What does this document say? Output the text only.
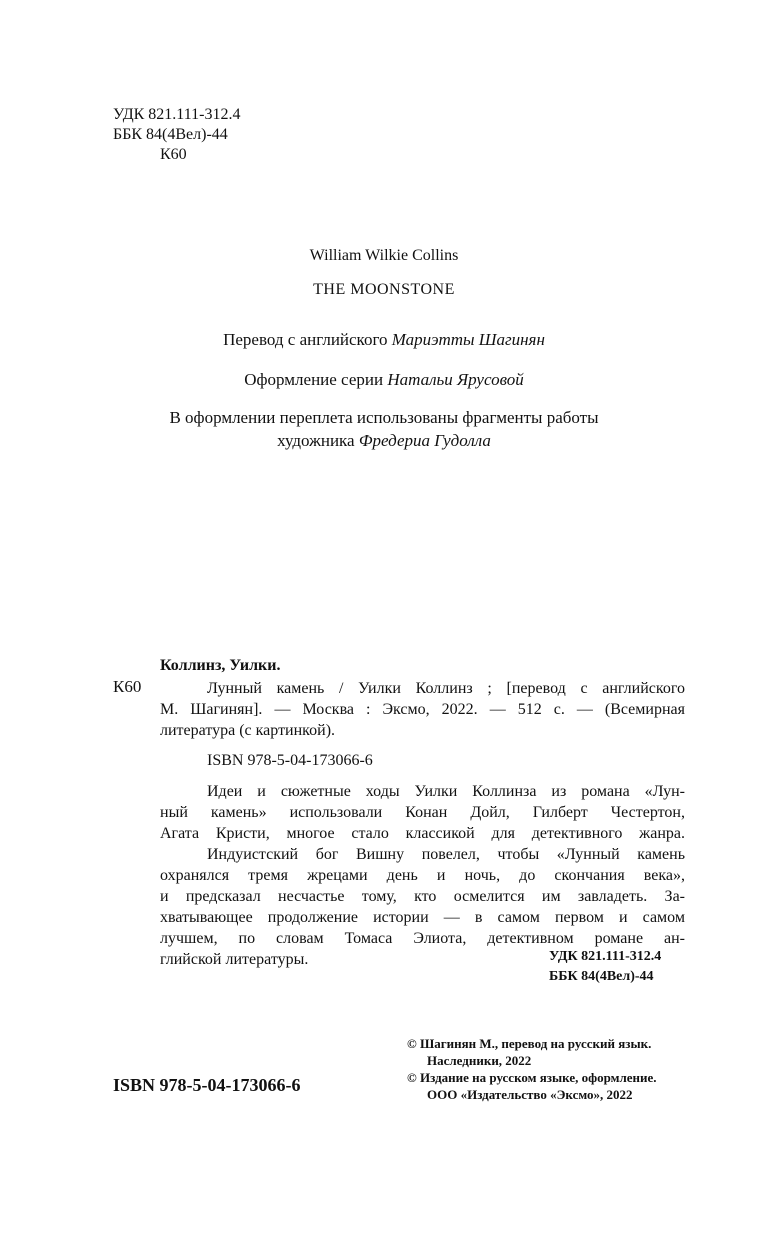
УДК 821.111-312.4
ББК 84(4Вел)-44
К60
William Wilkie Collins
THE MOONSTONE
Перевод с английского Мариэтты Шагинян
Оформление серии Натальи Ярусовой
В оформлении переплета использованы фрагменты работы
художника Фредериа Гудолла
Коллинз, Уилки.
К60	Лунный камень / Уилки Коллинз ; [перевод с английского
М. Шагинян]. — Москва : Эксмо, 2022. — 512 с. — (Всемирная
литература (с картинкой).
ISBN 978-5-04-173066-6
Идеи и сюжетные ходы Уилки Коллинза из романа «Лун-
ный камень» использовали Конан Дойл, Гилберт Честертон,
Агата Кристи, многое стало классикой для детективного жанра.
Индуистский бог Вишну повелел, чтобы «Лунный камень
охранялся тремя жрецами день и ночь, до скончания века»,
и предсказал несчастье тому, кто осмелится им завладеть. За-
хватывающее продолжение истории — в самом первом и самом
лучшем, по словам Томаса Элиота, детективном романе ан-
глийской литературы.	УДК 821.111-312.4
ББК 84(4Вел)-44
ISBN 978-5-04-173066-6
© Шагинян М., перевод на русский язык.
Наследники, 2022
© Издание на русском языке, оформление.
ООО «Издательство «Эксмо», 2022
